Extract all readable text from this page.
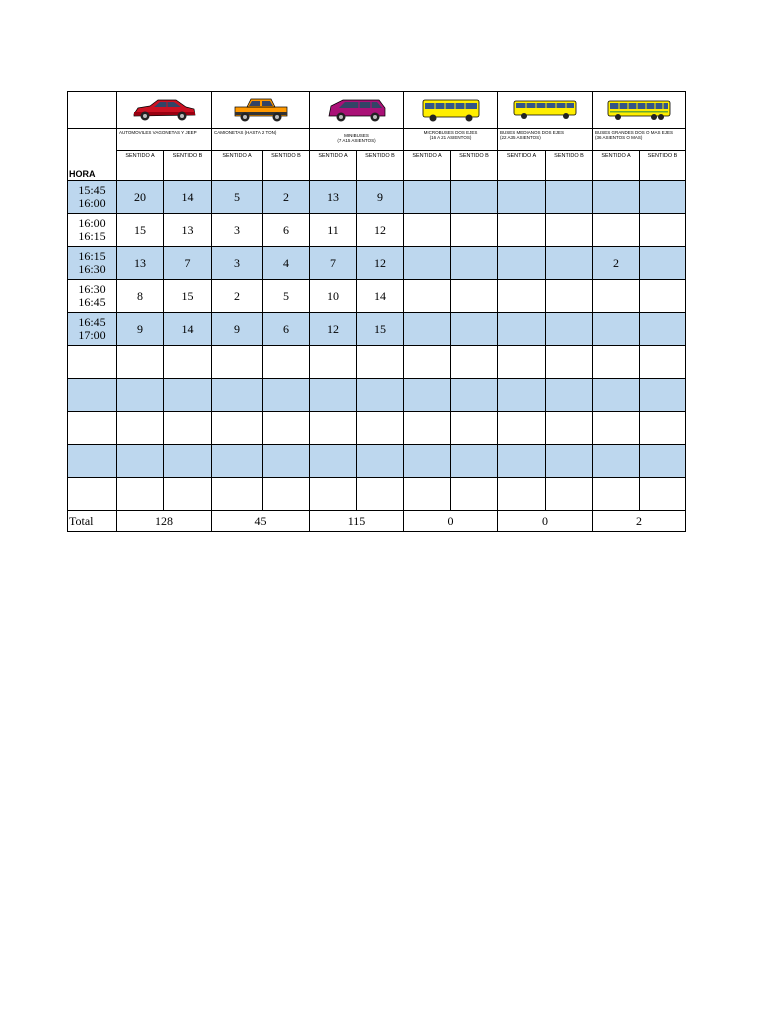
HORA	AUTOMOVILES VAGONETAS Y JEEP		CAMIONETAS (HASTA 2 TON)		MINIBUSES
(7 A15 ASIENTOS)		MICROBUSES DOS EJES
(16 A 21 ASIENTOS)		BUSES MEDIANOS DOS EJES
(22 A35 ASIENTOS)		BUSES GRANDES DOS O MAS EJES
(36 ASIENTOS O MAS)	
	SENTIDO A	SENTIDO B	SENTIDO A	SENTIDO B	SENTIDO A	SENTIDO B	SENTIDO A	SENTIDO B	SENTIDO A	SENTIDO B	SENTIDO A	SENTIDO B

15:45
16:00	20	14	5	2	13	9						

16:00
16:15	15	13	3	6	11	12						

16:15
16:30	13	7	3	4	7	12					2	

16:30
16:45	8	15	2	5	10	14						

16:45
17:00	9	14	9	6	12	15						

Total	128		45		115		0		0		2	
